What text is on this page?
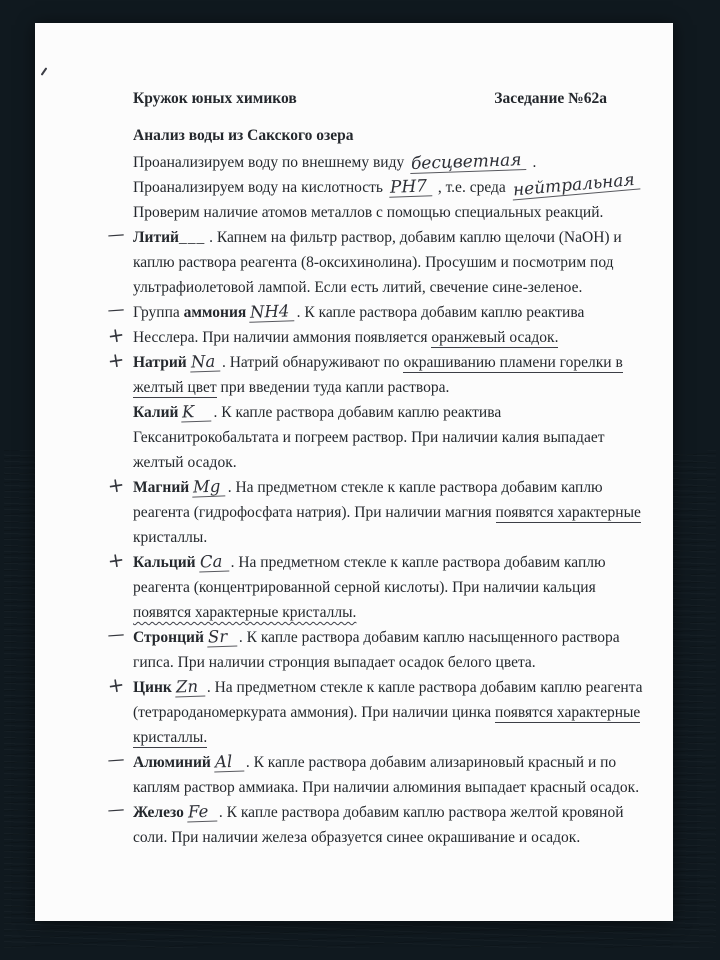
Кружок юных химиков	Заседание №62а
Анализ воды из Сакского озера
Проанализируем воду по внешнему виду бесцветная .
Проанализируем воду на кислотность PH7 , т.е. среда нейтральная
Проверим наличие атомов металлов с помощью специальных реакций.
— Литий___ . Капнем на фильтр раствор, добавим каплю щелочи (NaOH) и каплю раствора реагента (8-оксихинолина). Просушим и посмотрим под ультрафиолетовой лампой. Если есть литий, свечение сине-зеленое.
—
+
Группа аммония NH4 . К капле раствора добавим каплю реактива Несслера. При наличии аммония появляется оранжевый осадок.
+ Натрий Na . Натрий обнаруживают по окрашиванию пламени горелки в желтый цвет при введении туда капли раствора.
Калий K . К капле раствора добавим каплю реактива Гексанитрокобальтата и погреем раствор. При наличии калия выпадает желтый осадок.
+ Магний Mg . На предметном стекле к капле раствора добавим каплю реагента (гидрофосфата натрия). При наличии магния появятся характерные кристаллы.
+ Кальций Ca . На предметном стекле к капле раствора добавим каплю реагента (концентрированной серной кислоты). При наличии кальция появятся характерные кристаллы.
— Стронций Sr . К капле раствора добавим каплю насыщенного раствора гипса. При наличии стронция выпадает осадок белого цвета.
+ Цинк Zn . На предметном стекле к капле раствора добавим каплю реагента (тетрароданомеркурата аммония). При наличии цинка появятся характерные кристаллы.
— Алюминий Al . К капле раствора добавим ализариновый красный и по каплям раствор аммиака. При наличии алюминия выпадает красный осадок.
— Железо Fe . К капле раствора добавим каплю раствора желтой кровяной соли. При наличии железа образуется синее окрашивание и осадок.
